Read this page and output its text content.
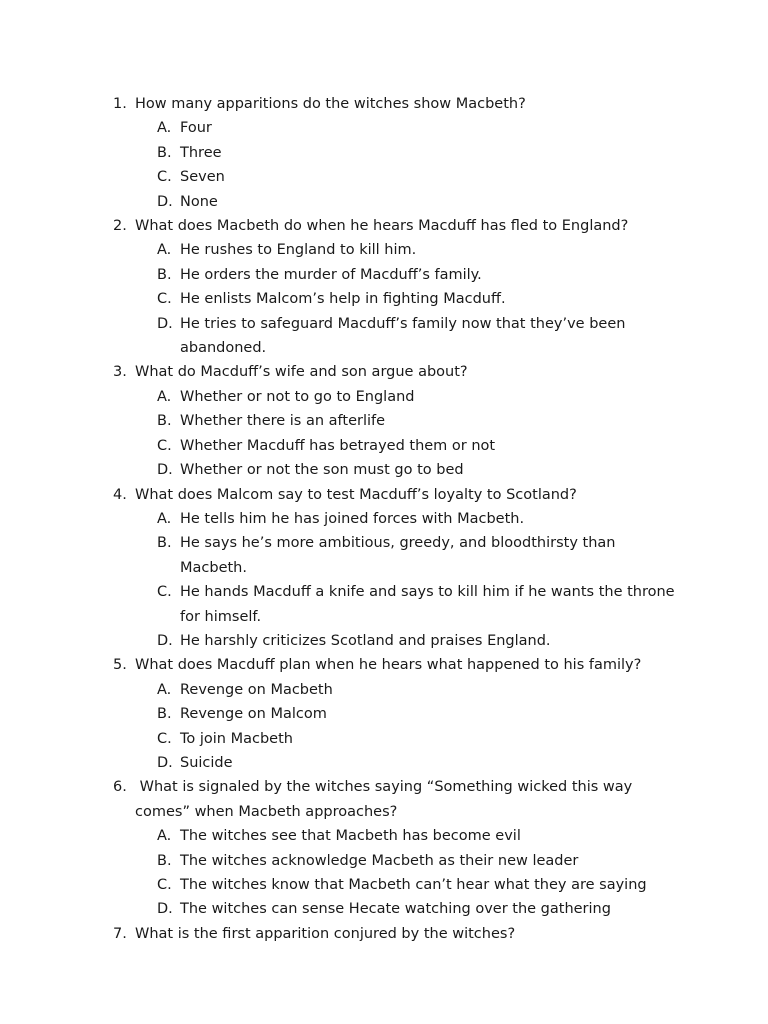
1. How many apparitions do the witches show Macbeth?
A. Four
B. Three
C. Seven
D. None
2. What does Macbeth do when he hears Macduff has fled to England?
A. He rushes to England to kill him.
B. He orders the murder of Macduff’s family.
C. He enlists Malcom’s help in fighting Macduff.
D. He tries to safeguard Macduff’s family now that they’ve been abandoned.
3. What do Macduff’s wife and son argue about?
A. Whether or not to go to England
B. Whether there is an afterlife
C. Whether Macduff has betrayed them or not
D. Whether or not the son must go to bed
4. What does Malcom say to test Macduff’s loyalty to Scotland?
A. He tells him he has joined forces with Macbeth.
B. He says he’s more ambitious, greedy, and bloodthirsty than Macbeth.
C. He hands Macduff a knife and says to kill him if he wants the throne for himself.
D. He harshly criticizes Scotland and praises England.
5. What does Macduff plan when he hears what happened to his family?
A. Revenge on Macbeth
B. Revenge on Malcom
C. To join Macbeth
D. Suicide
6. What is signaled by the witches saying “Something wicked this way comes” when Macbeth approaches?
A. The witches see that Macbeth has become evil
B. The witches acknowledge Macbeth as their new leader
C. The witches know that Macbeth can’t hear what they are saying
D. The witches can sense Hecate watching over the gathering
7. What is the first apparition conjured by the witches?
